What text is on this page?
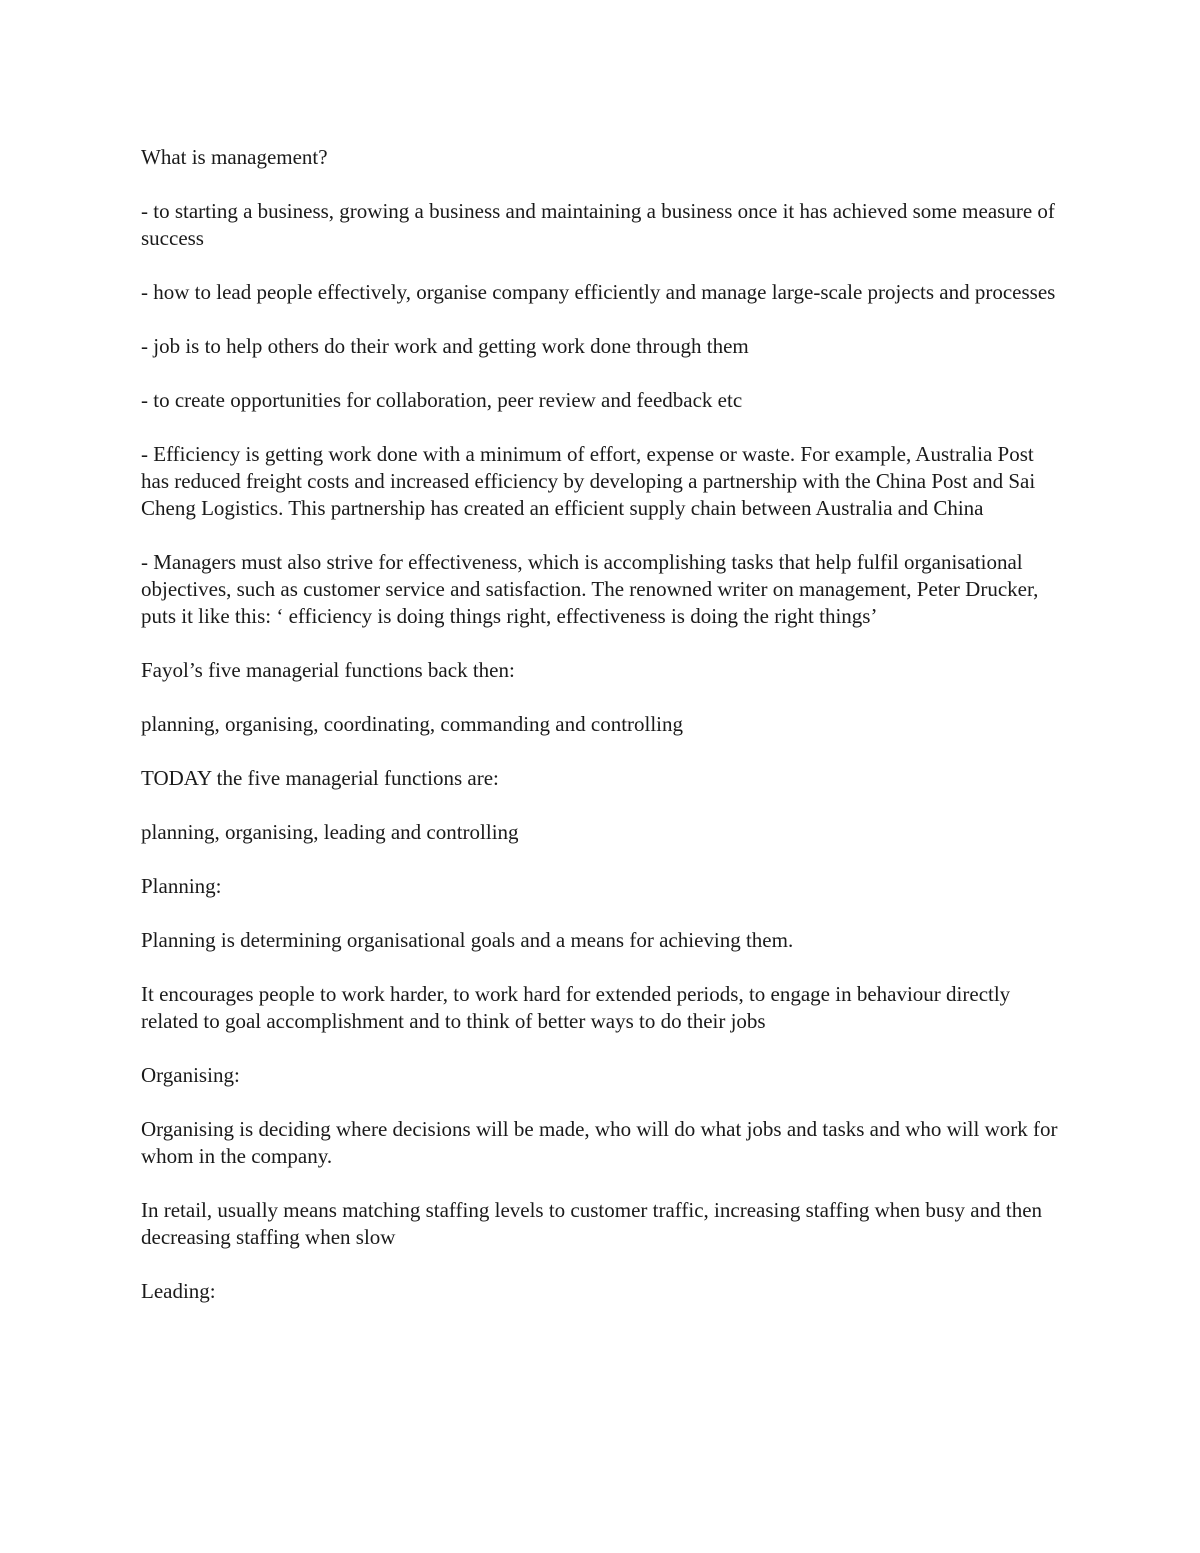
What is management?

- to starting a business, growing a business and maintaining a business once it has achieved some measure of success

- how to lead people effectively, organise company efficiently and manage large-scale projects and processes

- job is to help others do their work and getting work done through them

- to create opportunities for collaboration, peer review and feedback etc

- Efficiency is getting work done with a minimum of effort, expense or waste. For example, Australia Post has reduced freight costs and increased efficiency by developing a partnership with the China Post and Sai Cheng Logistics. This partnership has created an efficient supply chain between Australia and China

- Managers must also strive for effectiveness, which is accomplishing tasks that help fulfil organisational objectives, such as customer service and satisfaction. The renowned writer on management, Peter Drucker, puts it like this: ‘ efficiency is doing things right, effectiveness is doing the right things’

Fayol’s five managerial functions back then:

planning, organising, coordinating, commanding and controlling

TODAY the five managerial functions are:

planning, organising, leading and controlling

Planning:

Planning is determining organisational goals and a means for achieving them.

It encourages people to work harder, to work hard for extended periods, to engage in behaviour directly related to goal accomplishment and to think of better ways to do their jobs

Organising:

Organising is deciding where decisions will be made, who will do what jobs and tasks and who will work for whom in the company.

In retail, usually means matching staffing levels to customer traffic, increasing staffing when busy and then decreasing staffing when slow

Leading:
